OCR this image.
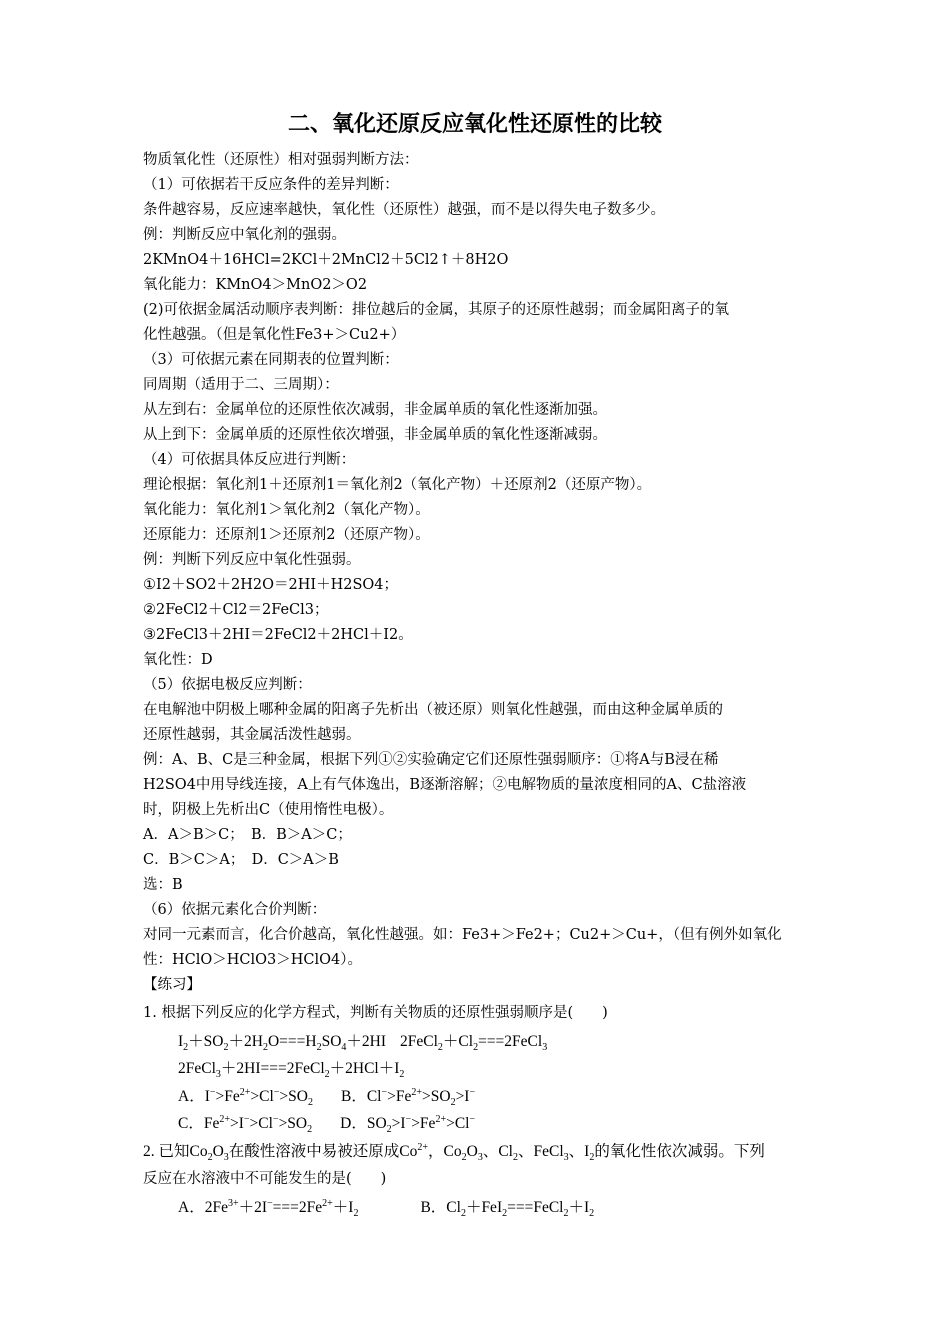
二、氧化还原反应氧化性还原性的比较
物质氧化性（还原性）相对强弱判断方法：
（1）可依据若干反应条件的差异判断：
条件越容易，反应速率越快，氧化性（还原性）越强，而不是以得失电子数多少。
例：判断反应中氧化剂的强弱。
2KMnO4＋16HCl=2KCl＋2MnCl2＋5Cl2↑＋8H2O
氧化能力：KMnO4＞MnO2＞O2
(2)可依据金属活动顺序表判断：排位越后的金属，其原子的还原性越弱；而金属阳离子的氧
化性越强。（但是氧化性Fe3+＞Cu2+）
（3）可依据元素在同期表的位置判断：
同周期（适用于二、三周期）：
从左到右：金属单位的还原性依次减弱，非金属单质的氧化性逐渐加强。
从上到下：金属单质的还原性依次增强，非金属单质的氧化性逐渐减弱。
（4）可依据具体反应进行判断：
理论根据：氧化剂1＋还原剂1＝氧化剂2（氧化产物）＋还原剂2（还原产物）。
氧化能力：氧化剂1＞氧化剂2（氧化产物）。
还原能力：还原剂1＞还原剂2（还原产物）。
例：判断下列反应中氧化性强弱。
①I2＋SO2＋2H2O＝2HI＋H2SO4；
②2FeCl2＋Cl2＝2FeCl3；
③2FeCl3＋2HI＝2FeCl2＋2HCl＋I2。
氧化性：D
（5）依据电极反应判断：
在电解池中阴极上哪种金属的阳离子先析出（被还原）则氧化性越强，而由这种金属单质的
还原性越弱，其金属活泼性越弱。
例：A、B、C是三种金属，根据下列①②实验确定它们还原性强弱顺序：①将A与B浸在稀
H2SO4中用导线连接，A上有气体逸出，B逐渐溶解；②电解物质的量浓度相同的A、C盐溶液
时，阴极上先析出C（使用惰性电极）。
A．A＞B＞C；　B．B＞A＞C；
C．B＞C＞A；　D．C＞A＞B
选：B
（6）依据元素化合价判断：
对同一元素而言，化合价越高，氧化性越强。如：Fe3+＞Fe2+；Cu2+＞Cu+，（但有例外如氧化
性：HClO＞HClO3＞HClO4）。
【练习】
1. 根据下列反应的化学方程式，判断有关物质的还原性强弱顺序是(　　)
$I_2+SO_2+2H_2O===H_2SO_4+2HI$ $2FeCl_2+Cl_2===2FeCl_3$
$2FeCl_3+2HI===2FeCl_2+2HCl+I_2$
A．$I^->Fe^{2+}>Cl^->SO_2$ B．$Cl^->Fe^{2+}>SO_2>I^-$
C．$Fe^{2+}>I^->Cl^->SO_2$ D．$SO_2>I^->Fe^{2+}>Cl^-$
2. 已知$Co_2O_3$在酸性溶液中易被还原成$Co^{2+}$，$Co_2O_3$、$Cl_2$、FeCl$_3$、$I_2$的氧化性依次减弱。下列
反应在水溶液中不可能发生的是(　　)
A．$2Fe^{3+}+2I^-===2Fe^{2+}+I_2$	B．$Cl_2+FeI_2===FeCl_2+I_2$
